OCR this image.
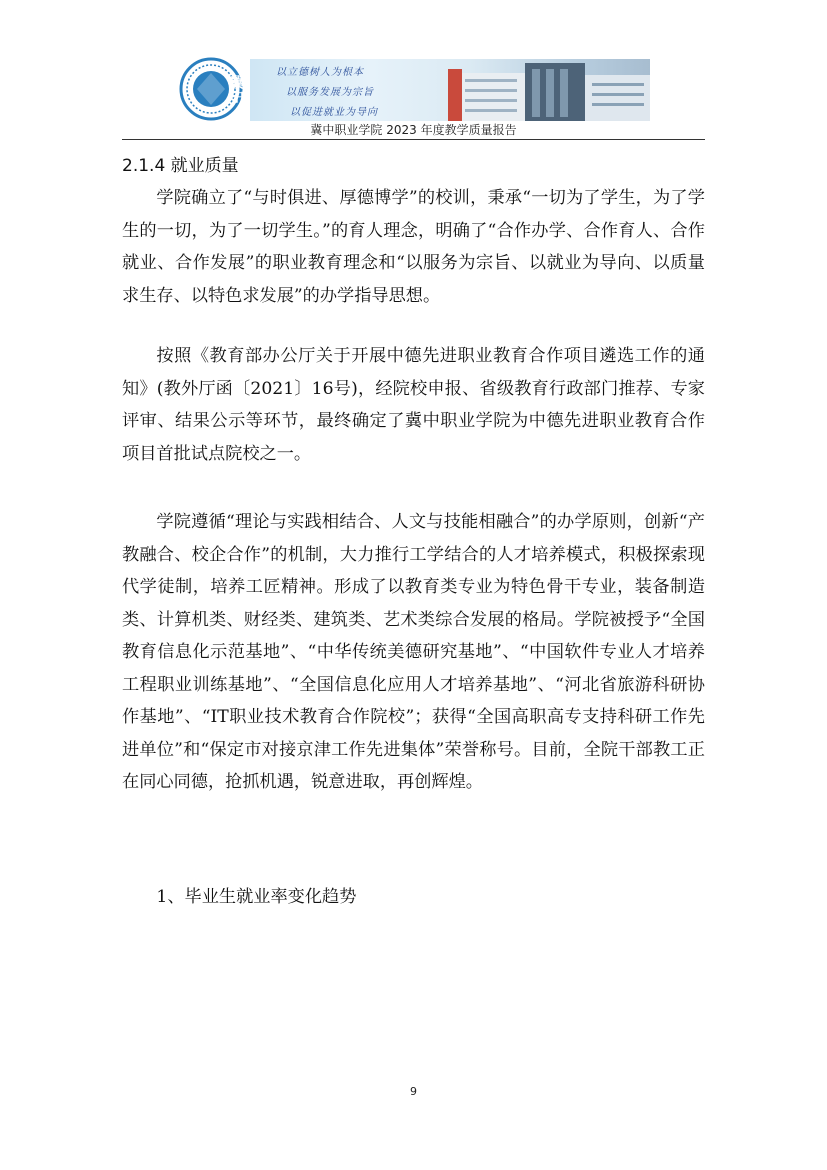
冀中
以立德树人为根本
以服务发展为宗旨
以促进就业为导向
冀中职业学院 2023 年度教学质量报告
2.1.4 就业质量

学院确立了“与时俱进、厚德博学”的校训，秉承“一切为了学生，为了学生的一切，为了一切学生。”的育人理念，明确了“合作办学、合作育人、合作就业、合作发展”的职业教育理念和“以服务为宗旨、以就业为导向、以质量求生存、以特色求发展”的办学指导思想。

按照《教育部办公厅关于开展中德先进职业教育合作项目遴选工作的通知》(教外厅函〔2021〕16号)，经院校申报、省级教育行政部门推荐、专家评审、结果公示等环节，最终确定了冀中职业学院为中德先进职业教育合作项目首批试点院校之一。

学院遵循“理论与实践相结合、人文与技能相融合”的办学原则，创新“产教融合、校企合作”的机制，大力推行工学结合的人才培养模式，积极探索现代学徒制，培养工匠精神。形成了以教育类专业为特色骨干专业，装备制造类、计算机类、财经类、建筑类、艺术类综合发展的格局。学院被授予“全国教育信息化示范基地”、“中华传统美德研究基地”、“中国软件专业人才培养工程职业训练基地”、“全国信息化应用人才培养基地”、“河北省旅游科研协作基地”、“IT职业技术教育合作院校”；获得“全国高职高专支持科研工作先进单位”和“保定市对接京津工作先进集体”荣誉称号。目前，全院干部教工正在同心同德，抢抓机遇，锐意进取，再创辉煌。

1、毕业生就业率变化趋势

9
